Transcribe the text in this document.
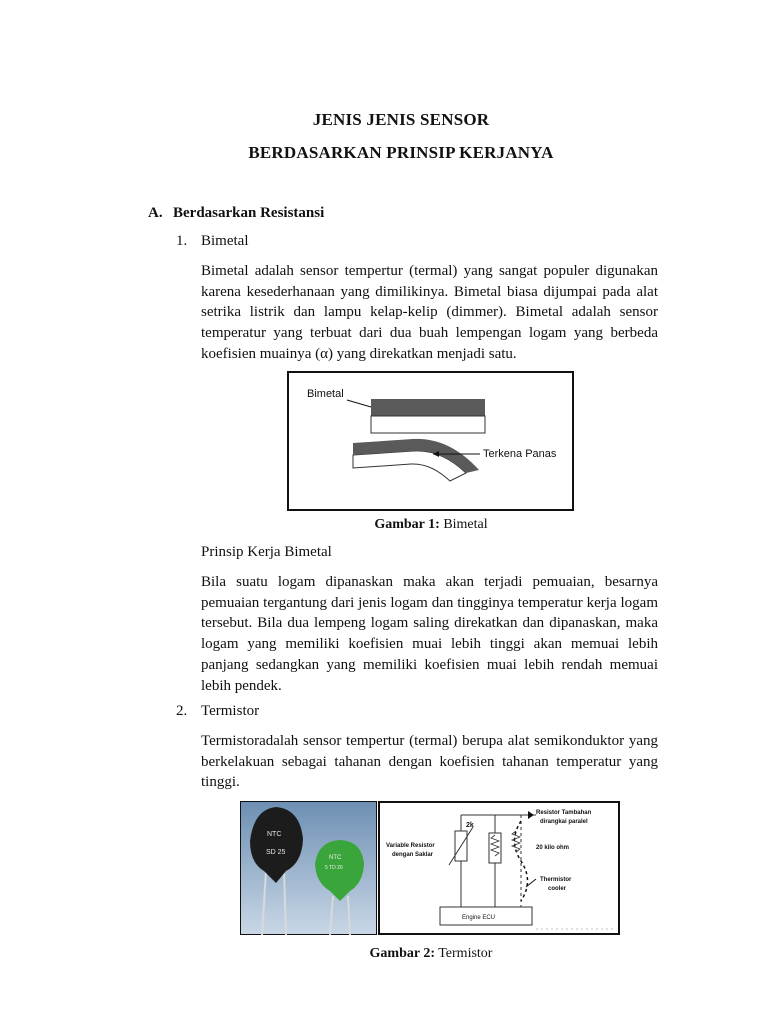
JENIS JENIS SENSOR
BERDASARKAN PRINSIP KERJANYA
A. Berdasarkan Resistansi
1. Bimetal
Bimetal adalah sensor tempertur (termal) yang sangat populer digunakan karena kesederhanaan yang dimilikinya. Bimetal biasa dijumpai pada alat setrika listrik dan lampu kelap-kelip (dimmer). Bimetal adalah sensor temperatur yang terbuat dari dua buah lempengan logam yang berbeda koefisien muainya (α) yang direkatkan menjadi satu.
Bimetal
Terkena Panas
Gambar 1: Bimetal
Prinsip Kerja Bimetal
Bila suatu logam dipanaskan maka akan terjadi pemuaian, besarnya pemuaian tergantung dari jenis logam dan tingginya temperatur kerja logam tersebut. Bila dua lempeng logam saling direkatkan dan dipanaskan, maka logam yang memiliki koefisien muai lebih tinggi akan memuai lebih panjang sedangkan yang memiliki koefisien muai lebih rendah memuai lebih pendek.
2. Termistor
Termistoradalah sensor tempertur (termal) berupa alat semikonduktor yang berkelakuan sebagai tahanan dengan koefisien tahanan temperatur yang tinggi.
NTC
SD 25
NTC
5 TD 20
2k
Variable Resistor
dengan Saklar
Resistor Tambahan
dirangkai paralel
20 kilo ohm
Thermistor
cooler
Engine ECU
Gambar 2: Termistor
